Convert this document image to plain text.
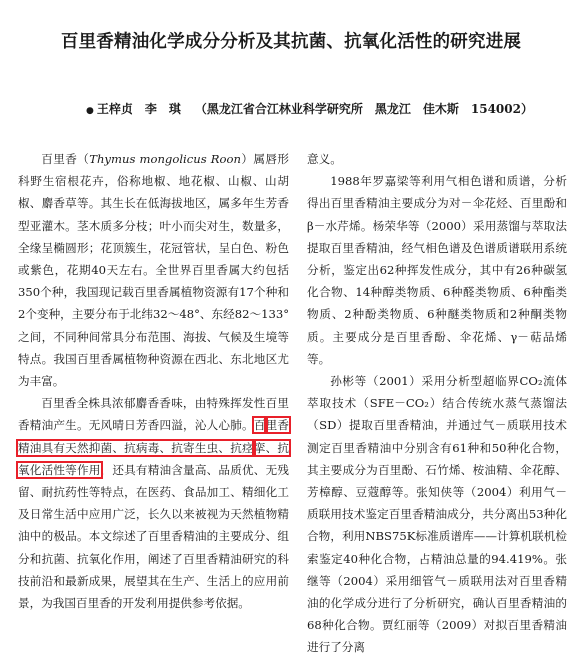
百里香精油化学成分分析及其抗菌、抗氧化活性的研究进展
● 王梓贞　李　琪 （黑龙江省合江林业科学研究所　黑龙江　佳木斯　154002）

百里香（Thymus mongolicus Roon）属唇形科野生宿根花卉，俗称地椒、地花椒、山椒、山胡椒、麝香草等。其生长在低海拔地区，属多年生芳香型亚灌木。茎木质多分枝；叶小而尖对生，数量多，全缘呈椭圆形；花顶簇生，花冠管状，呈白色、粉色或紫色，花期40天左右。全世界百里香属大约包括350个种，我国现记载百里香属植物资源有17个种和2个变种，主要分布于北纬32～48°、东经82～133°之间，不同种间常具分布范围、海拔、气候及生境等特点。我国百里香属植物种资源在西北、东北地区尤为丰富。

百里香全株具浓郁麝香香味，由特殊挥发性百里香精油产生。无风晴日芳香四溢，沁人心肺。百里香精油具有天然抑菌、抗病毒、抗寄生虫、抗痉挛、抗氧化活性等作用，还具有精油含量高、品质优、无残留、耐抗药性等特点，在医药、食品加工、精细化工及日常生活中应用广泛，长久以来被视为天然植物精油中的极品。本文综述了百里香精油的主要成分、组分和抗菌、抗氧化作用，阐述了百里香精油研究的科技前沿和最新成果，展望其在生产、生活上的应用前景，为我国百里香的开发利用提供参考依据。

意义。

1988年罗嘉梁等利用气相色谱和质谱，分析得出百里香精油主要成分为对－伞花烃、百里酚和β－水芹烯。杨荣华等（2000）采用蒸馏与萃取法提取百里香精油，经气相色谱及色谱质谱联用系统分析，鉴定出62种挥发性成分，其中有26种碳氢化合物、14种醇类物质、6种醛类物质、6种酯类物质、2种酚类物质、6种醚类物质和2种酮类物质。主要成分是百里香酚、伞花烯、γ－萜品烯等。

孙彬等（2001）采用分析型超临界CO₂流体萃取技术（SFE－CO₂）结合传统水蒸气蒸馏法（SD）提取百里香精油，并通过气－质联用技术测定百里香精油中分别含有61种和50种化合物，其主要成分为百里酚、石竹烯、桉油精、伞花醇、芳樟醇、豆蔻醇等。张知侠等（2004）利用气－质联用技术鉴定百里香精油成分，共分离出53种化合物，利用NBS75K标准质谱库——计算机联机检索鉴定40种化合物，占精油总量的94.419%。张继等（2004）采用细管气－质联用法对百里香精油的化学成分进行了分析研究，确认百里香精油的68种化合物。贾红丽等（2009）对拟百里香精油进行了分离
